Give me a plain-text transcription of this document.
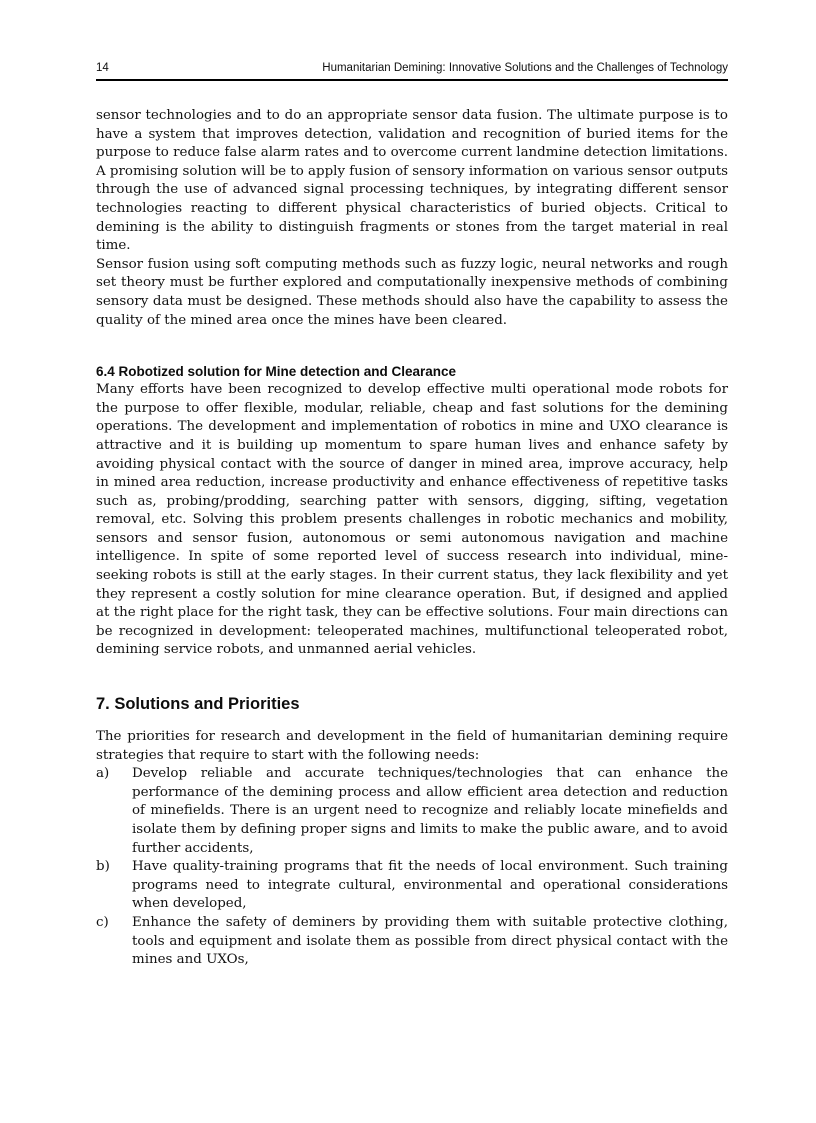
14	Humanitarian Demining: Innovative Solutions and the Challenges of Technology

sensor technologies and to do an appropriate sensor data fusion. The ultimate purpose is to have a system that improves detection, validation and recognition of buried items for the purpose to reduce false alarm rates and to overcome current landmine detection limitations. A promising solution will be to apply fusion of sensory information on various sensor outputs through the use of advanced signal processing techniques, by integrating different sensor technologies reacting to different physical characteristics of buried objects. Critical to demining is the ability to distinguish fragments or stones from the target material in real time.

Sensor fusion using soft computing methods such as fuzzy logic, neural networks and rough set theory must be further explored and computationally inexpensive methods of combining sensory data must be designed. These methods should also have the capability to assess the quality of the mined area once the mines have been cleared.

6.4 Robotized solution for Mine detection and Clearance

Many efforts have been recognized to develop effective multi operational mode robots for the purpose to offer flexible, modular, reliable, cheap and fast solutions for the demining operations. The development and implementation of robotics in mine and UXO clearance is attractive and it is building up momentum to spare human lives and enhance safety by avoiding physical contact with the source of danger in mined area, improve accuracy, help in mined area reduction, increase productivity and enhance effectiveness of repetitive tasks such as, probing/prodding, searching patter with sensors, digging, sifting, vegetation removal, etc. Solving this problem presents challenges in robotic mechanics and mobility, sensors and sensor fusion, autonomous or semi autonomous navigation and machine intelligence. In spite of some reported level of success research into individual, mine-seeking robots is still at the early stages. In their current status, they lack flexibility and yet they represent a costly solution for mine clearance operation. But, if designed and applied at the right place for the right task, they can be effective solutions. Four main directions can be recognized in development: teleoperated machines, multifunctional teleoperated robot, demining service robots, and unmanned aerial vehicles.

7. Solutions and Priorities

The priorities for research and development in the field of humanitarian demining require strategies that require to start with the following needs:

a)	Develop reliable and accurate techniques/technologies that can enhance the performance of the demining process and allow efficient area detection and reduction of minefields. There is an urgent need to recognize and reliably locate minefields and isolate them by defining proper signs and limits to make the public aware, and to avoid further accidents,
b)	Have quality-training programs that fit the needs of local environment. Such training programs need to integrate cultural, environmental and operational considerations when developed,
c)	Enhance the safety of deminers by providing them with suitable protective clothing, tools and equipment and isolate them as possible from direct physical contact with the mines and UXOs,
